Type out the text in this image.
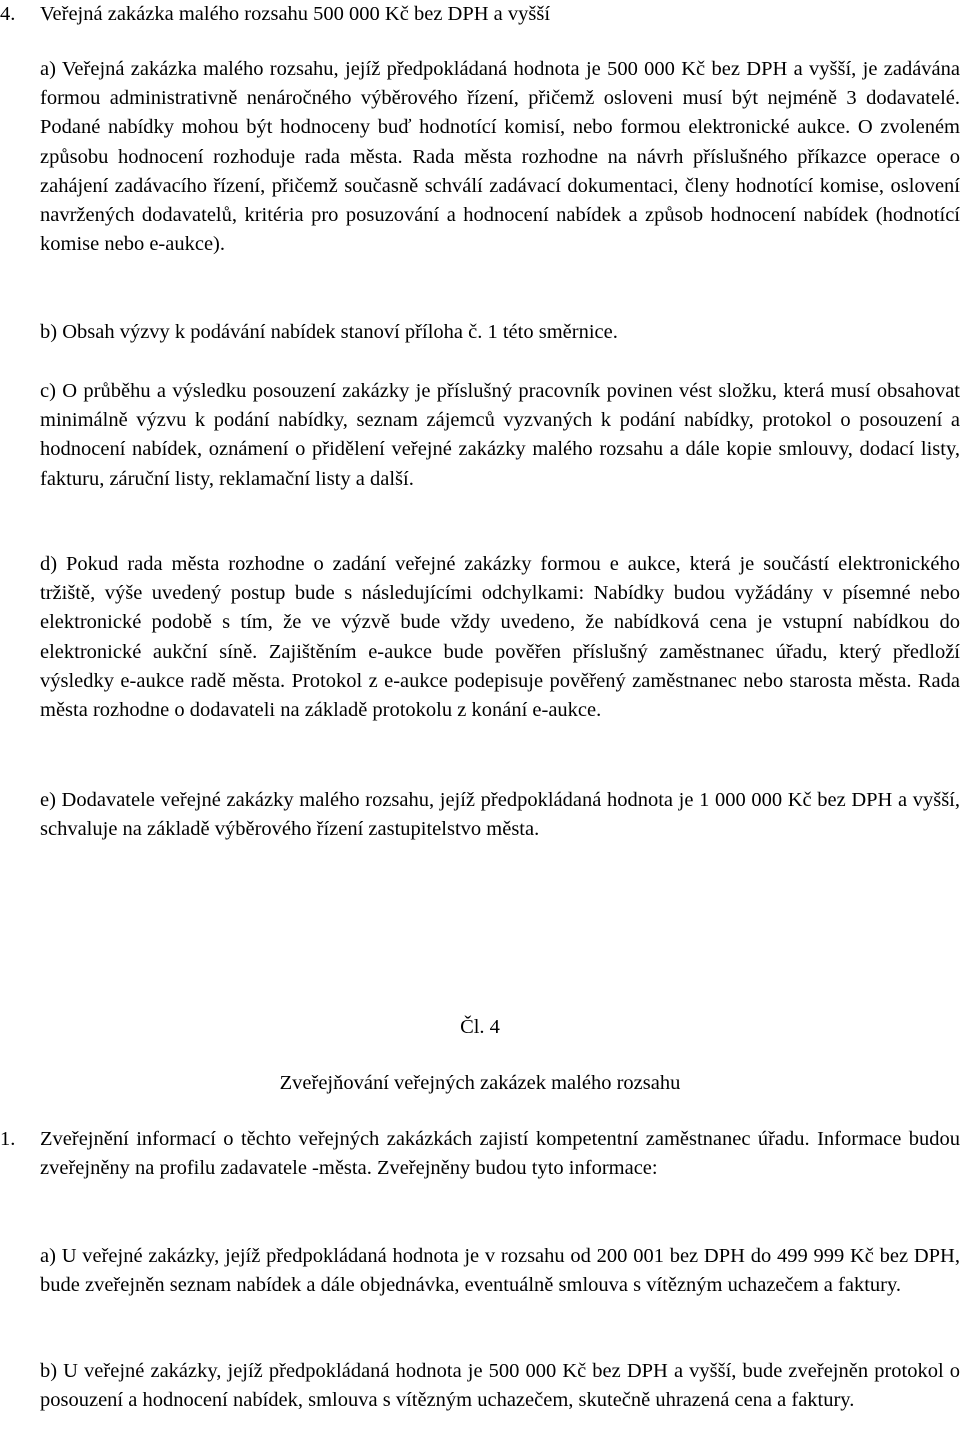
4. Veřejná zakázka malého rozsahu 500 000 Kč bez DPH a vyšší

a) Veřejná zakázka malého rozsahu, jejíž předpokládaná hodnota je 500 000 Kč bez DPH a vyšší, je zadávána formou administrativně nenáročného výběrového řízení, přičemž osloveni musí být nejméně 3 dodavatelé. Podané nabídky mohou být hodnoceny buď hodnotící komisí, nebo formou elektronické aukce. O zvoleném způsobu hodnocení rozhoduje rada města. Rada města rozhodne na návrh příslušného příkazce operace o zahájení zadávacího řízení, přičemž současně schválí zadávací dokumentaci, členy hodnotící komise, oslovení navržených dodavatelů, kritéria pro posuzování a hodnocení nabídek a způsob hodnocení nabídek (hodnotící komise nebo e-aukce).

b) Obsah výzvy k podávání nabídek stanoví příloha č. 1 této směrnice.

c) O průběhu a výsledku posouzení zakázky je příslušný pracovník povinen vést složku, která musí obsahovat minimálně výzvu k podání nabídky, seznam zájemců vyzvaných k podání nabídky, protokol o posouzení a hodnocení nabídek, oznámení o přidělení veřejné zakázky malého rozsahu a dále kopie smlouvy, dodací listy, fakturu, záruční listy, reklamační listy a další.

d) Pokud rada města rozhodne o zadání veřejné zakázky formou e aukce, která je součástí elektronického tržiště, výše uvedený postup bude s následujícími odchylkami: Nabídky budou vyžádány v písemné nebo elektronické podobě s tím, že ve výzvě bude vždy uvedeno, že nabídková cena je vstupní nabídkou do elektronické aukční síně. Zajištěním e-aukce bude pověřen příslušný zaměstnanec úřadu, který předloží výsledky e-aukce radě města. Protokol z e-aukce podepisuje pověřený zaměstnanec nebo starosta města. Rada města rozhodne o dodavateli na základě protokolu z konání e-aukce.

e) Dodavatele veřejné zakázky malého rozsahu, jejíž předpokládaná hodnota je 1 000 000 Kč bez DPH a vyšší, schvaluje na základě výběrového řízení zastupitelstvo města.

Čl. 4
Zveřejňování veřejných zakázek malého rozsahu
1.	Zveřejnění informací o těchto veřejných zakázkách zajistí kompetentní zaměstnanec úřadu. Informace budou zveřejněny na profilu zadavatele -města. Zveřejněny budou tyto informace:

a) U veřejné zakázky, jejíž předpokládaná hodnota je v rozsahu od 200 001 bez DPH do 499 999 Kč bez DPH, bude zveřejněn seznam nabídek a dále objednávka, eventuálně smlouva s vítězným uchazečem a faktury.

b) U veřejné zakázky, jejíž předpokládaná hodnota je 500 000 Kč bez DPH a vyšší, bude zveřejněn protokol o posouzení a hodnocení nabídek, smlouva s vítězným uchazečem, skutečně uhrazená cena a faktury.
